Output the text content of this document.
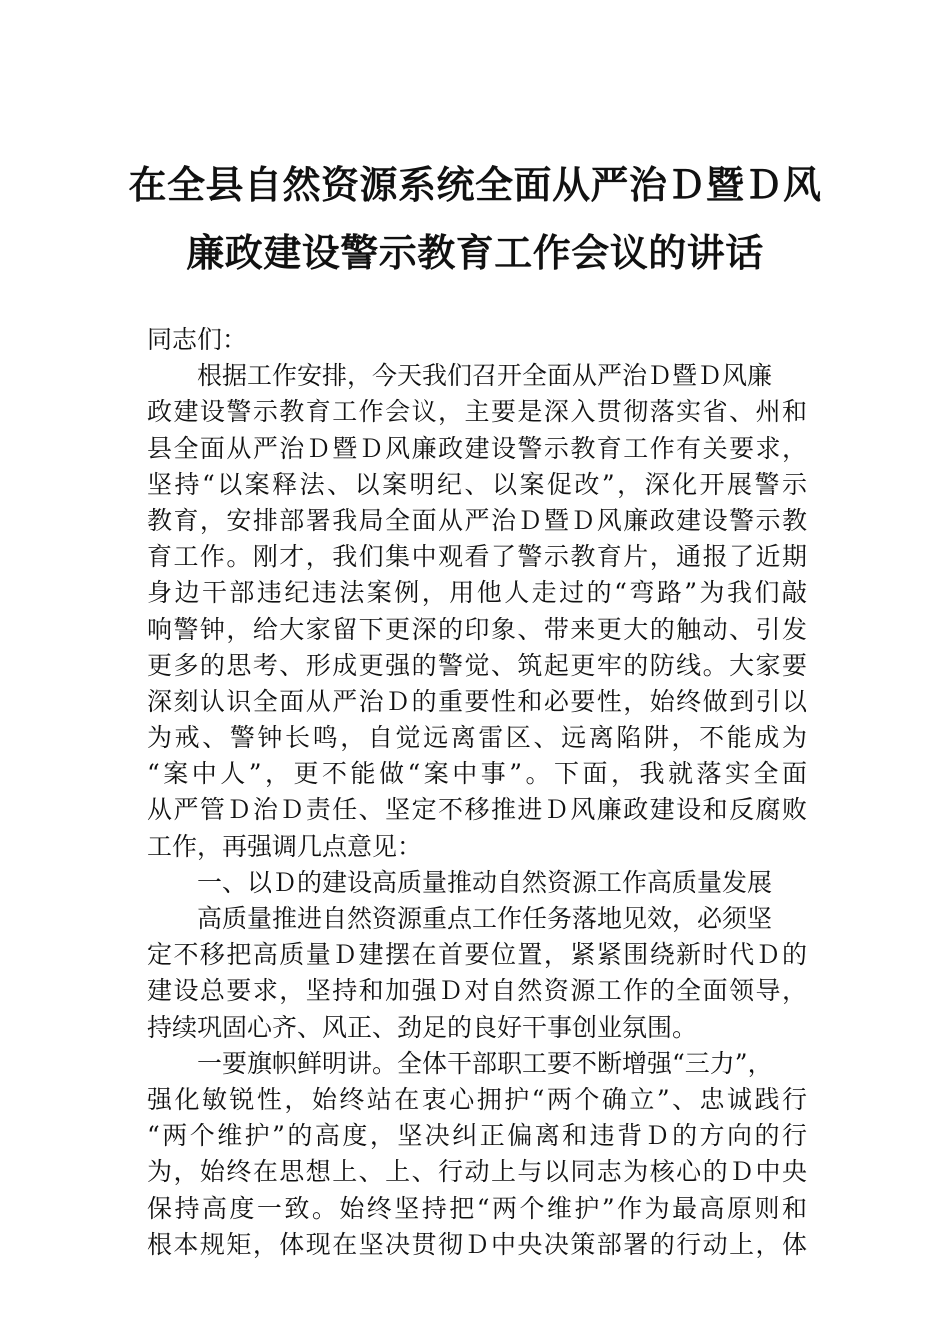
在全县自然资源系统全面从严治Ｄ暨Ｄ风
廉政建设警示教育工作会议的讲话
同志们：
根据工作安排，今天我们召开全面从严治Ｄ暨Ｄ风廉
政建设警示教育工作会议，主要是深入贯彻落实省、州和
县全面从严治Ｄ暨Ｄ风廉政建设警示教育工作有关要求，
坚持“以案释法、以案明纪、以案促改”，深化开展警示
教育，安排部署我局全面从严治Ｄ暨Ｄ风廉政建设警示教
育工作。刚才，我们集中观看了警示教育片，通报了近期
身边干部违纪违法案例，用他人走过的“弯路”为我们敲
响警钟，给大家留下更深的印象、带来更大的触动、引发
更多的思考、形成更强的警觉、筑起更牢的防线。大家要
深刻认识全面从严治Ｄ的重要性和必要性，始终做到引以
为戒、警钟长鸣，自觉远离雷区、远离陷阱，不能成为
“案中人”，更不能做“案中事”。下面，我就落实全面
从严管Ｄ治Ｄ责任、坚定不移推进Ｄ风廉政建设和反腐败
工作，再强调几点意见：
一、以Ｄ的建设高质量推动自然资源工作高质量发展
高质量推进自然资源重点工作任务落地见效，必须坚
定不移把高质量Ｄ建摆在首要位置，紧紧围绕新时代Ｄ的
建设总要求，坚持和加强Ｄ对自然资源工作的全面领导，
持续巩固心齐、风正、劲足的良好干事创业氛围。
一要旗帜鲜明讲。全体干部职工要不断增强“三力”，
强化敏锐性，始终站在衷心拥护“两个确立”、忠诚践行
“两个维护”的高度，坚决纠正偏离和违背Ｄ的方向的行
为，始终在思想上、上、行动上与以同志为核心的Ｄ中央
保持高度一致。始终坚持把“两个维护”作为最高原则和
根本规矩，体现在坚决贯彻Ｄ中央决策部署的行动上，体
